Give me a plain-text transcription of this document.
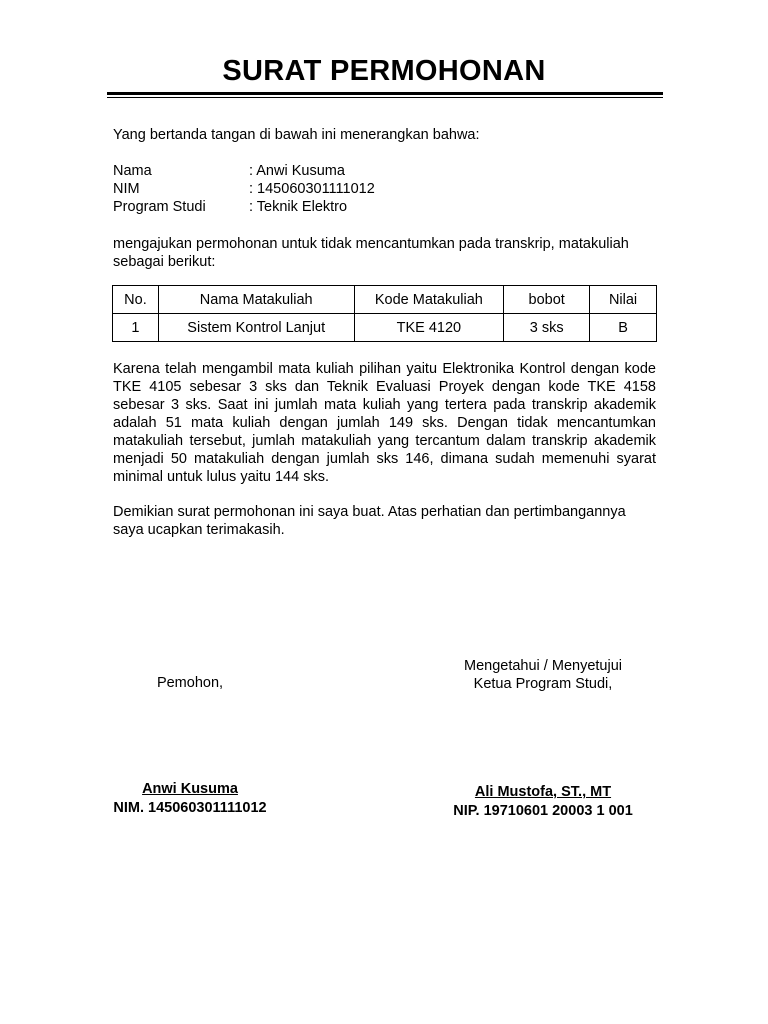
SURAT PERMOHONAN
Yang bertanda tangan di bawah ini menerangkan bahwa:
Nama	: Anwi Kusuma
NIM	: 145060301111012
Program Studi	: Teknik Elektro
mengajukan permohonan untuk tidak mencantumkan pada transkrip, matakuliah sebagai berikut:
No.	Nama Matakuliah	Kode Matakuliah	bobot	Nilai
1	Sistem Kontrol Lanjut	TKE 4120	3 sks	B
Karena telah mengambil mata kuliah pilihan yaitu Elektronika Kontrol dengan kode TKE 4105 sebesar 3 sks dan Teknik Evaluasi Proyek dengan kode TKE 4158 sebesar 3 sks. Saat ini jumlah mata kuliah yang tertera pada transkrip akademik adalah 51 mata kuliah dengan jumlah 149 sks. Dengan tidak mencantumkan matakuliah tersebut, jumlah matakuliah yang tercantum dalam transkrip akademik menjadi 50 matakuliah dengan jumlah sks 146, dimana sudah memenuhi syarat minimal untuk lulus yaitu 144 sks.
Demikian surat permohonan ini saya buat. Atas perhatian dan pertimbangannya saya ucapkan terimakasih.
Pemohon,
Mengetahui / Menyetujui
Ketua Program Studi,
Anwi Kusuma
NIM. 145060301111012
Ali Mustofa, ST., MT
NIP. 19710601 20003 1 001
